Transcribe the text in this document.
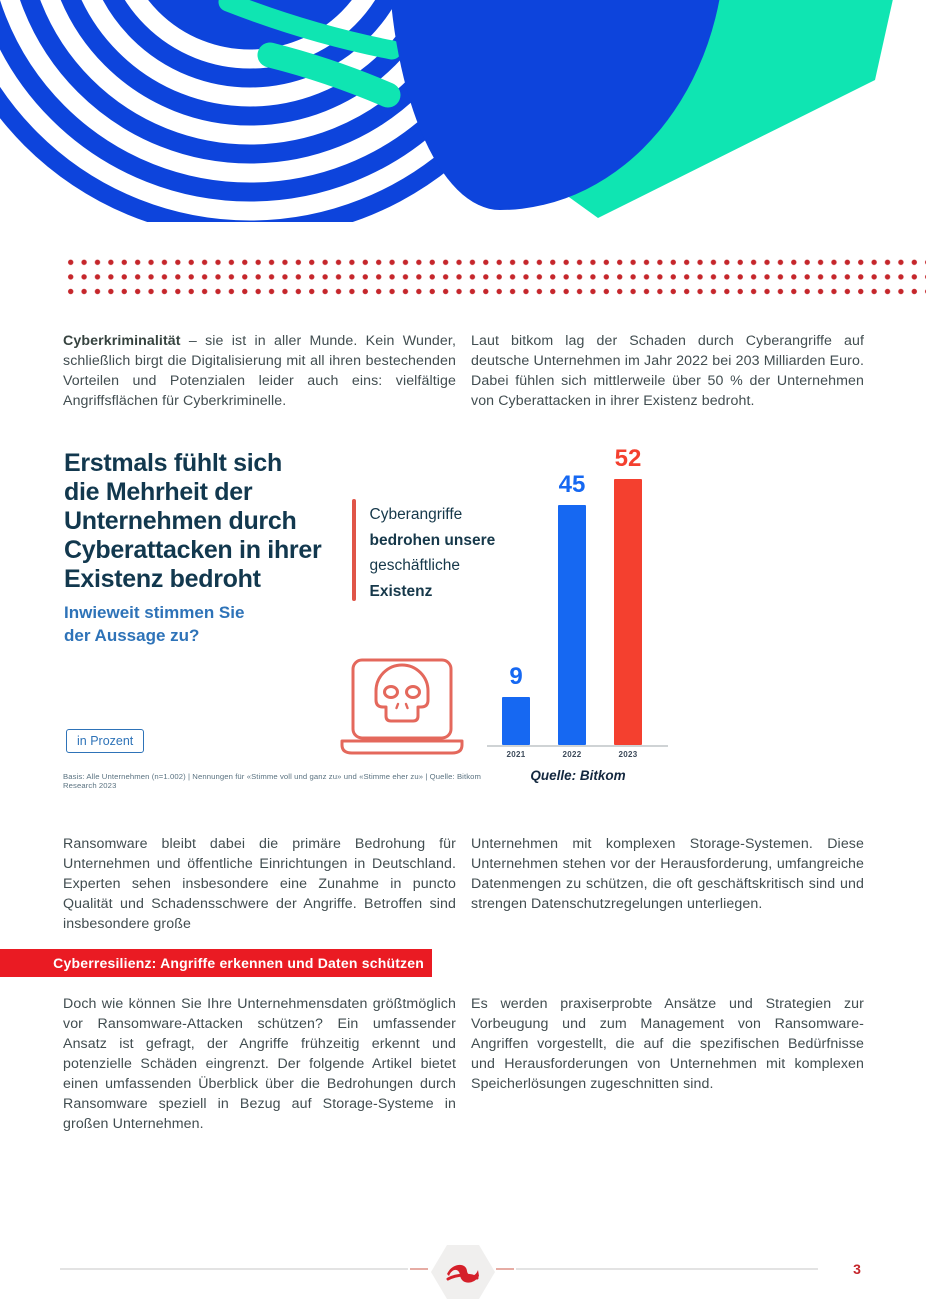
Cyberkriminalität – sie ist in aller Munde. Kein Wunder, schließlich birgt die Digitalisierung mit all ihren bestechenden Vorteilen und Potenzialen leider auch eins: vielfältige Angriffsflächen für Cyberkriminelle.

Laut bitkom lag der Schaden durch Cyberangriffe auf deutsche Unternehmen im Jahr 2022 bei 203 Milliarden Euro. Dabei fühlen sich mittlerweile über 50 % der Unternehmen von Cyberattacken in ihrer Existenz bedroht.

Erstmals fühlt sich
die Mehrheit der
Unternehmen durch
Cyberattacken in ihrer
Existenz bedroht
Inwieweit stimmen Sie
der Aussage zu?
Cyberangriffe
bedrohen unsere
geschäftliche
Existenz
in Prozent
Basis: Alle Unternehmen (n=1.002) | Nennungen für «Stimme voll und ganz zu» und «Stimme eher zu» | Quelle: Bitkom Research 2023
9
45
52
2021	2022	2023
Quelle: Bitkom

Ransomware bleibt dabei die primäre Bedrohung für Unternehmen und öffentliche Einrichtungen in Deutschland. Experten sehen insbesondere eine Zunahme in puncto Qualität und Schadensschwere der Angriffe. Betroffen sind insbesondere große

Unternehmen mit komplexen Storage-Systemen. Diese Unternehmen stehen vor der Herausforderung, umfangreiche Datenmengen zu schützen, die oft geschäftskritisch sind und strengen Datenschutzregelungen unterliegen.

Cyberresilienz: Angriffe erkennen und Daten schützen

Doch wie können Sie Ihre Unternehmensdaten größtmöglich vor Ransomware-Attacken schützen? Ein umfassender Ansatz ist gefragt, der Angriffe frühzeitig erkennt und potenzielle Schäden eingrenzt. Der folgende Artikel bietet einen umfassenden Überblick über die Bedrohungen durch Ransomware speziell in Bezug auf Storage-Systeme in großen Unternehmen.

Es werden praxiserprobte Ansätze und Strategien zur Vorbeugung und zum Management von Ransomware-Angriffen vorgestellt, die auf die spezifischen Bedürfnisse und Herausforderungen von Unternehmen mit komplexen Speicherlösungen zugeschnitten sind.

3
